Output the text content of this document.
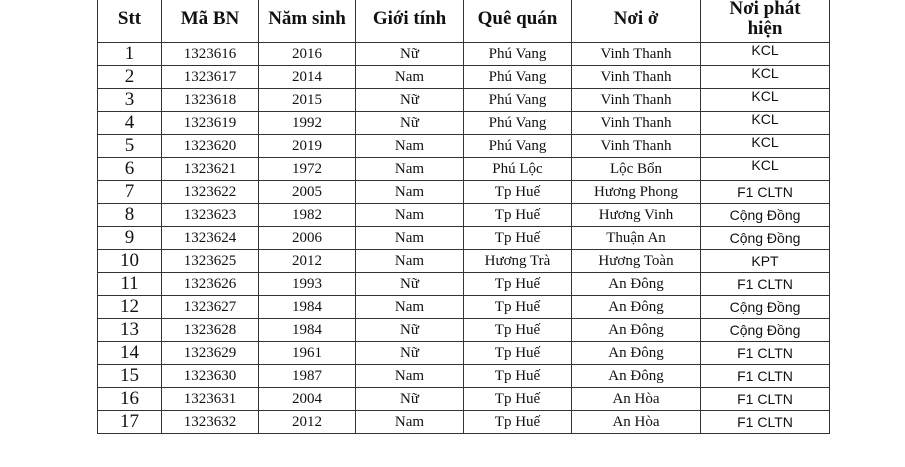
Stt	Mã BN	Năm sinh	Giới tính	Quê quán	Nơi ở	Nơi phát hiện
1	1323616	2016	Nữ	Phú Vang	Vinh Thanh	KCL
2	1323617	2014	Nam	Phú Vang	Vinh Thanh	KCL
3	1323618	2015	Nữ	Phú Vang	Vinh Thanh	KCL
4	1323619	1992	Nữ	Phú Vang	Vinh Thanh	KCL
5	1323620	2019	Nam	Phú Vang	Vinh Thanh	KCL
6	1323621	1972	Nam	Phú Lộc	Lộc Bổn	KCL
7	1323622	2005	Nam	Tp Huế	Hương Phong	F1 CLTN
8	1323623	1982	Nam	Tp Huế	Hương Vinh	Cộng Đồng
9	1323624	2006	Nam	Tp Huế	Thuận An	Cộng Đồng
10	1323625	2012	Nam	Hương Trà	Hương Toàn	KPT
11	1323626	1993	Nữ	Tp Huế	An Đông	F1 CLTN
12	1323627	1984	Nam	Tp Huế	An Đông	Cộng Đồng
13	1323628	1984	Nữ	Tp Huế	An Đông	Cộng Đồng
14	1323629	1961	Nữ	Tp Huế	An Đông	F1 CLTN
15	1323630	1987	Nam	Tp Huế	An Đông	F1 CLTN
16	1323631	2004	Nữ	Tp Huế	An Hòa	F1 CLTN
17	1323632	2012	Nam	Tp Huế	An Hòa	F1 CLTN
